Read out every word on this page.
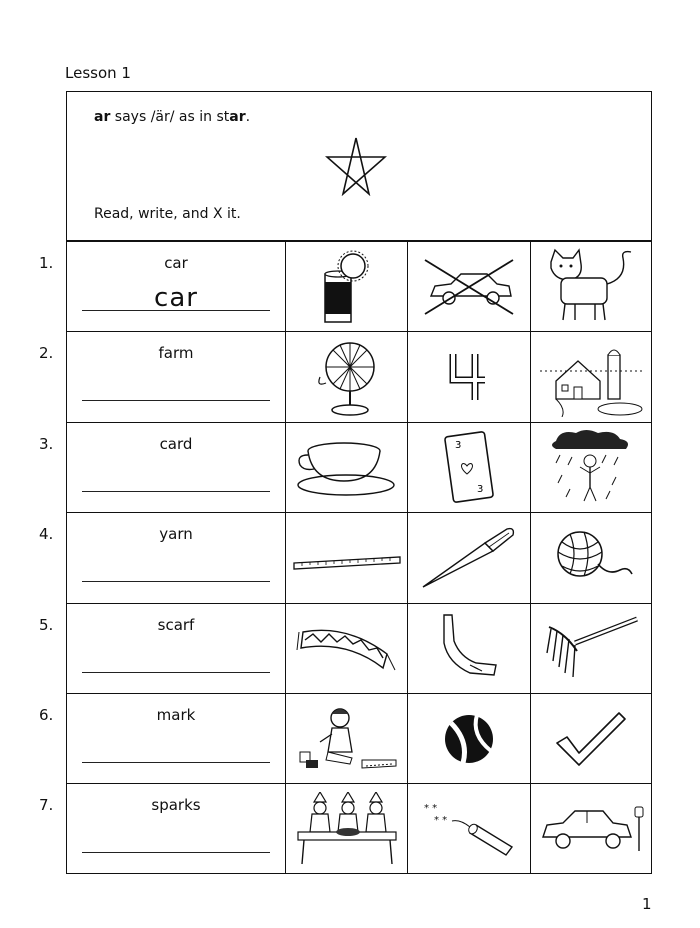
Lesson 1
ar says /är/ as in star.
Read, write, and X it.
1.	car
car
2.	farm
3.	card	3
3
4.	yarn
5.	scarf
6.	mark
7.	sparks	* *
* *
1
